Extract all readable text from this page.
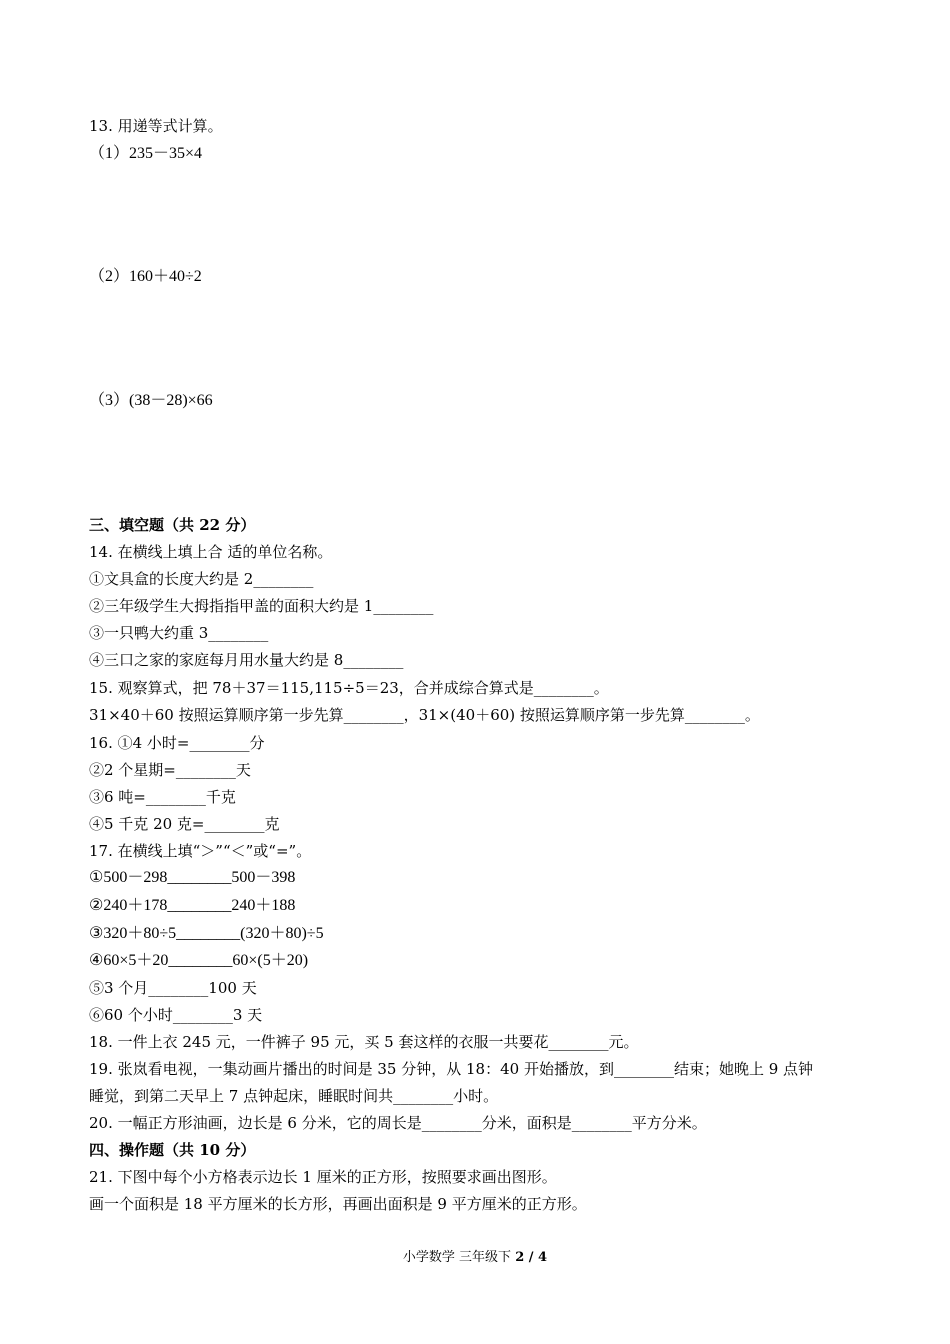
13. 用递等式计算。
（1）235－35×4
（2）160＋40÷2
（3）(38－28)×66
三、填空题（共 22 分）
14. 在横线上填上合 适的单位名称。
①文具盒的长度大约是 2________
②三年级学生大拇指指甲盖的面积大约是 1________
③一只鸭大约重 3________
④三口之家的家庭每月用水量大约是 8________
15. 观察算式，把 78＋37＝115,115÷5＝23，合并成综合算式是________。
31×40＋60 按照运算顺序第一步先算________，31×(40＋60) 按照运算顺序第一步先算________。
16. ①4 小时=________分
②2 个星期=________天
③6 吨=________千克
④5 千克 20 克=________克
17. 在横线上填“＞”“＜”或“=”。
①500－298________500－398
②240＋178________240＋188
③320＋80÷5________(320＋80)÷5
④60×5＋20________60×(5＋20)
⑤3 个月________100 天
⑥60 个小时________3 天
18. 一件上衣 245 元，一件裤子 95 元，买 5 套这样的衣服一共要花________元。
19. 张岚看电视，一集动画片播出的时间是 35 分钟，从 18：40 开始播放，到________结束；她晚上 9 点钟
睡觉，到第二天早上 7 点钟起床，睡眠时间共________小时。
20. 一幅正方形油画，边长是 6 分米，它的周长是________分米，面积是________平方分米。
四、操作题（共 10 分）
21. 下图中每个小方格表示边长 1 厘米的正方形，按照要求画出图形。
画一个面积是 18 平方厘米的长方形，再画出面积是 9 平方厘米的正方形。
小学数学 三年级下 2 / 4
